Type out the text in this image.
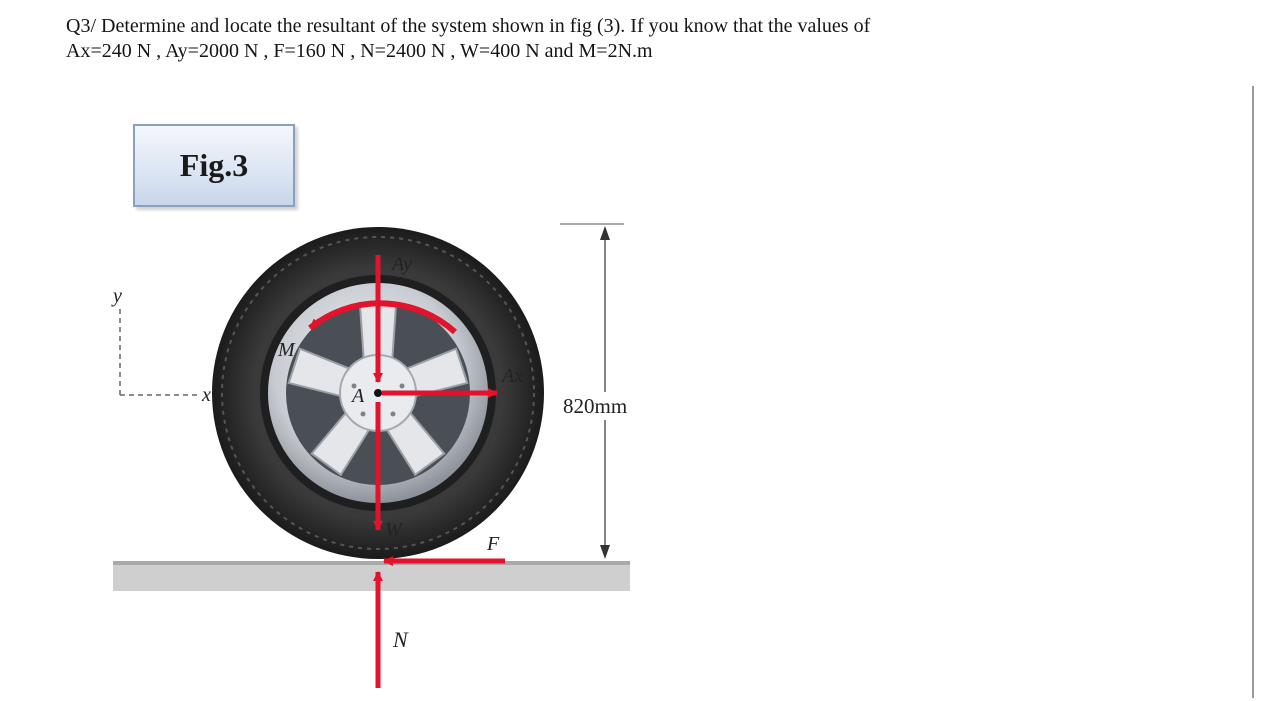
Q3/ Determine and locate the resultant of the system shown in fig (3). If you know that the values of

Ax=240 N , Ay=2000 N , F=160 N , N=2400 N , W=400 N and M=2N.m

Fig.3
y
x
M
Ay
Ax
A
W
F
N
820mm
